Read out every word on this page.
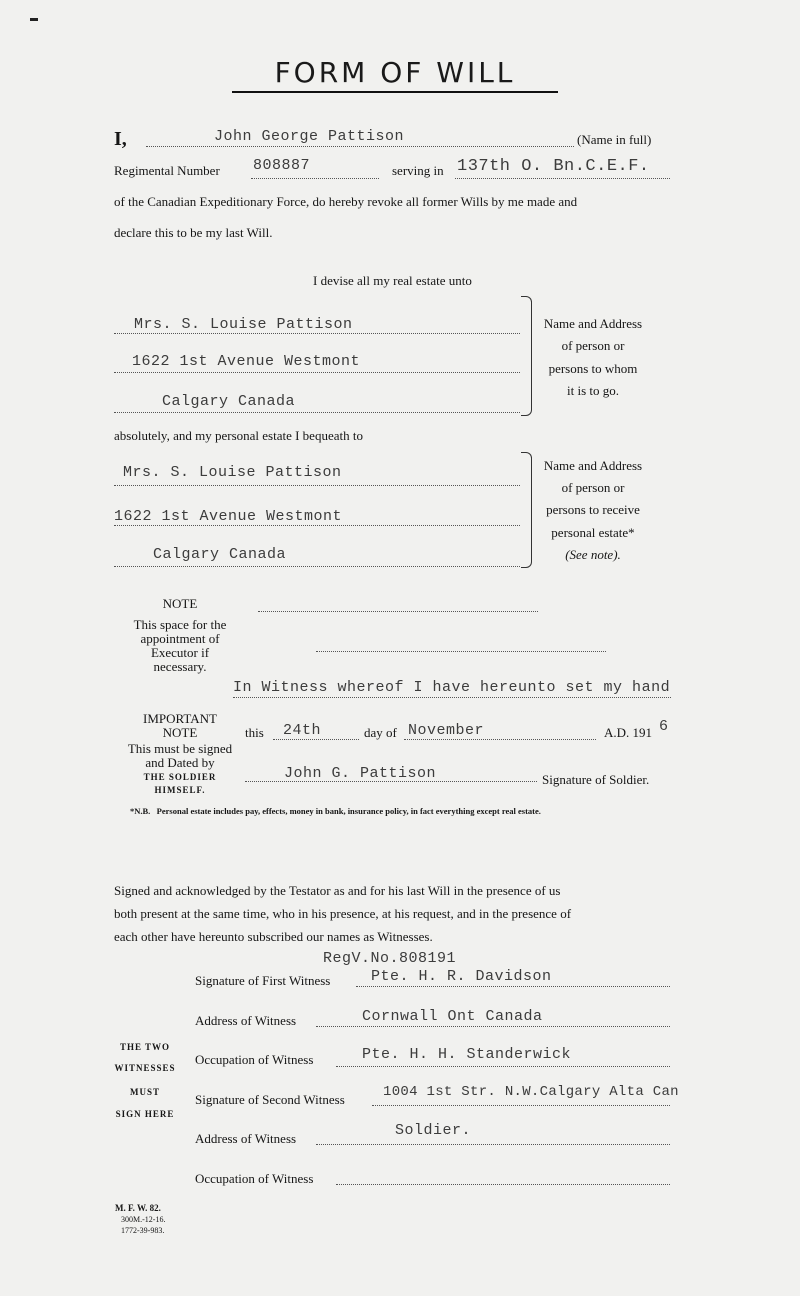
FORM OF WILL
I,	John George Pattison	(Name in full)
Regimental Number 808887	serving in 137th O. Bn.C.E.F.
of the Canadian Expeditionary Force, do hereby revoke all former Wills by me made and
declare this to be my last Will.
I devise all my real estate unto
Mrs. S. Louise Pattison
1622 1st Avenue Westmont
Calgary Canada
Name and Address
of person or
persons to whom
it is to go.
absolutely, and my personal estate I bequeath to
Mrs. S. Louise Pattison
1622 1st Avenue Westmont
Calgary Canada
Name and Address
of person or
persons to receive
personal estate*
(See note).
NOTE
This space for the
appointment of
Executor if
necessary.
In Witness whereof I have hereunto set my hand
IMPORTANT
NOTE
This must be signed
and Dated by
THE SOLDIER
HIMSELF.
this 24th	day of November	A.D. 191 6
John G. Pattison	Signature of Soldier.
*N.B.   Personal estate includes pay, effects, money in bank, insurance policy, in fact everything except real estate.
Signed and acknowledged by the Testator as and for his last Will in the presence of us
both present at the same time, who in his presence, at his request, and in the presence of
each other have hereunto subscribed our names as Witnesses.
RegV.No.808191
Signature of First Witness	Pte. H. R. Davidson
Address of Witness	Cornwall Ont Canada
Occupation of Witness	Pte. H. H. Standerwick
Signature of Second Witness	1004 1st Str. N.W.Calgary Alta Can
Address of Witness	Soldier.
Occupation of Witness
THE TWO
WITNESSES
MUST
SIGN HERE
M. F. W. 82.
300M.-12-16.
1772-39-983.
